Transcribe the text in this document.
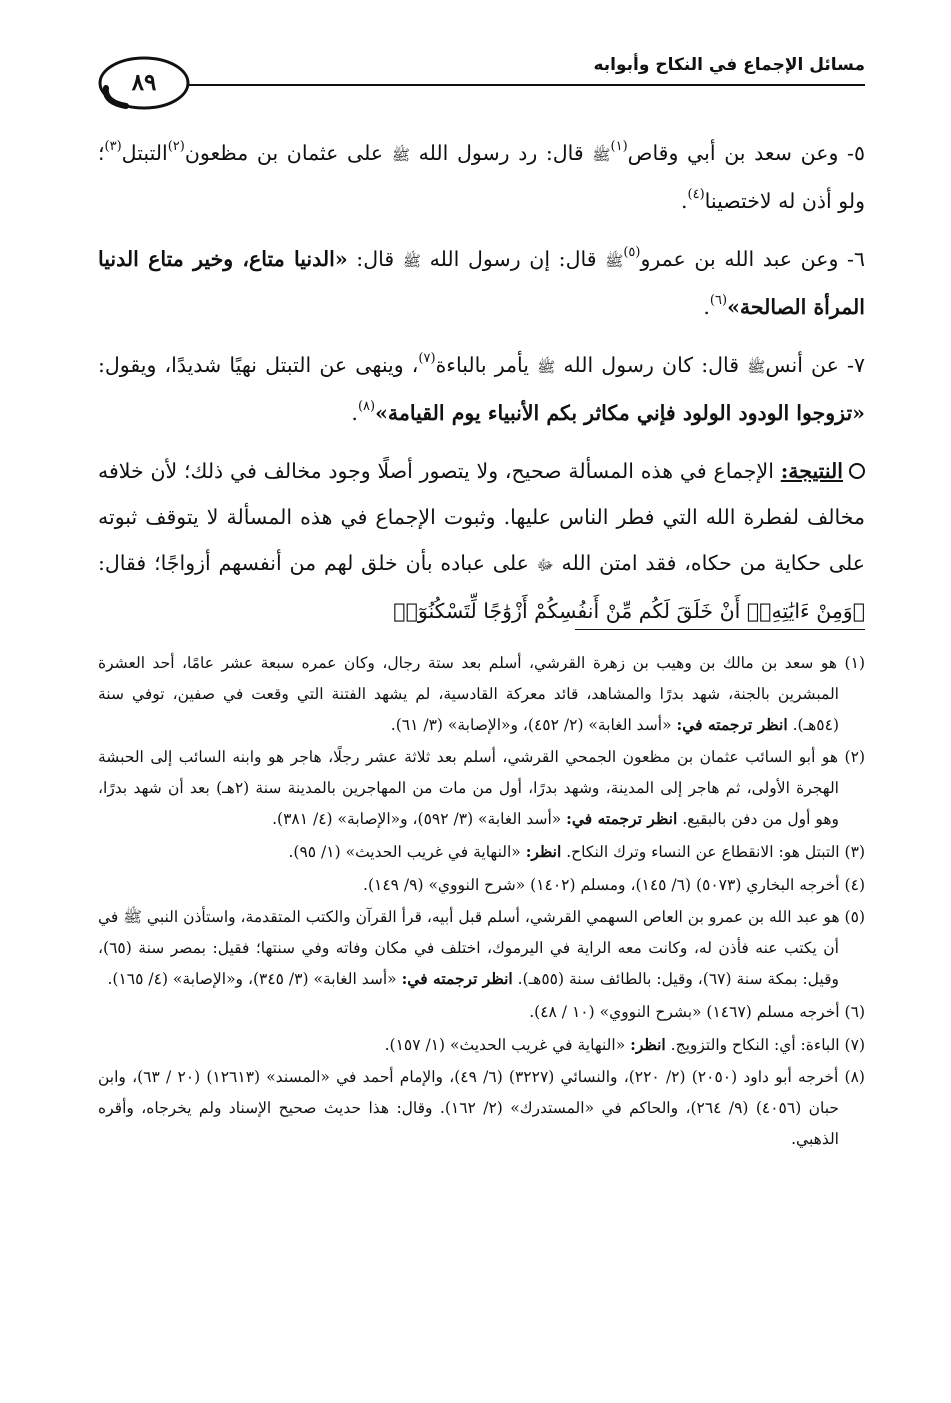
مسائل الإجماع في النكاح وأبوابه
٨٩

٥- وعن سعد بن أبي وقاص$^{(١)}$ﷺ قال: رد رسول الله ﷺ على عثمان بن مظعون$^{(٢)}$التبتل$^{(٣)}$؛ ولو أذن له لاختصينا$^{(٤)}$.

٦- وعن عبد الله بن عمرو$^{(٥)}$ﷺ قال: إن رسول الله ﷺ قال: «الدنيا متاع، وخير متاع الدنيا المرأة الصالحة»$^{(٦)}$.

٧- عن أنسﷺ قال: كان رسول الله ﷺ يأمر بالباءة$^{(٧)}$، وينهى عن التبتل نهيًا شديدًا، ويقول: «تزوجوا الودود الولود فإني مكاثر بكم الأنبياء يوم القيامة»$^{(٨)}$.

النتيجة: الإجماع في هذه المسألة صحيح، ولا يتصور أصلًا وجود مخالف في ذلك؛ لأن خلافه مخالف لفطرة الله التي فطر الناس عليها. وثبوت الإجماع في هذه المسألة لا يتوقف ثبوته على حكاية من حكاه، فقد امتن الله ﷻ على عباده بأن خلق لهم من أنفسهم أزواجًا؛ فقال: ﴿وَمِنْ ءَايَٰتِهِۦٓ أَنْ خَلَقَ لَكُم مِّنْ أَنفُسِكُمْ أَزْوَٰجًا لِّتَسْكُنُوٓا۟

(١) هو سعد بن مالك بن وهيب بن زهرة القرشي، أسلم بعد ستة رجال، وكان عمره سبعة عشر عامًا، أحد العشرة المبشرين بالجنة، شهد بدرًا والمشاهد، قائد معركة القادسية، لم يشهد الفتنة التي وقعت في صفين، توفي سنة (٥٤هـ). انظر ترجمته في: «أسد الغابة» (٢/ ٤٥٢)، و«الإصابة» (٣/ ٦١).

(٢) هو أبو السائب عثمان بن مظعون الجمحي القرشي، أسلم بعد ثلاثة عشر رجلًا، هاجر هو وابنه السائب إلى الحبشة الهجرة الأولى، ثم هاجر إلى المدينة، وشهد بدرًا، أول من مات من المهاجرين بالمدينة سنة (٢هـ) بعد أن شهد بدرًا، وهو أول من دفن بالبقيع. انظر ترجمته في: «أسد الغابة» (٣/ ٥٩٢)، و«الإصابة» (٤/ ٣٨١).

(٣) التبتل هو: الانقطاع عن النساء وترك النكاح. انظر: «النهاية في غريب الحديث» (١/ ٩٥).

(٤) أخرجه البخاري (٥٠٧٣) (٦/ ١٤٥)، ومسلم (١٤٠٢) «شرح النووي» (٩/ ١٤٩).

(٥) هو عبد الله بن عمرو بن العاص السهمي القرشي، أسلم قبل أبيه، قرأ القرآن والكتب المتقدمة، واستأذن النبي ﷺ في أن يكتب عنه فأذن له، وكانت معه الراية في اليرموك، اختلف في مكان وفاته وفي سنتها؛ فقيل: بمصر سنة (٦٥)، وقيل: بمكة سنة (٦٧)، وقيل: بالطائف سنة (٥٥هـ). انظر ترجمته في: «أسد الغابة» (٣/ ٣٤٥)، و«الإصابة» (٤/ ١٦٥).

(٦) أخرجه مسلم (١٤٦٧) «بشرح النووي» (١٠ / ٤٨).

(٧) الباءة: أي: النكاح والتزويج. انظر: «النهاية في غريب الحديث» (١/ ١٥٧).

(٨) أخرجه أبو داود (٢٠٥٠) (٢/ ٢٢٠)، والنسائي (٣٢٢٧) (٦/ ٤٩)، والإمام أحمد في «المسند» (١٢٦١٣) (٢٠ / ٦٣)، وابن حبان (٤٠٥٦) (٩/ ٢٦٤)، والحاكم في «المستدرك» (٢/ ١٦٢). وقال: هذا حديث صحيح الإسناد ولم يخرجاه، وأقره الذهبي.
